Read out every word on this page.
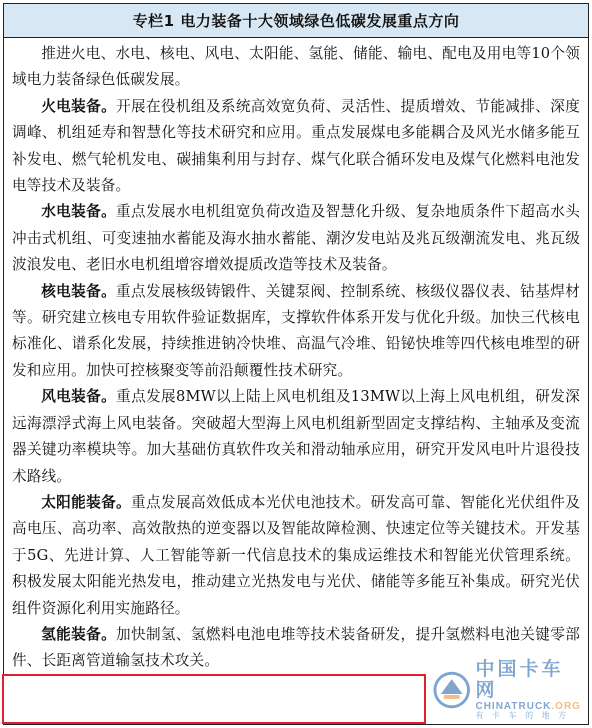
专栏1 电力装备十大领域绿色低碳发展重点方向

推进火电、水电、核电、风电、太阳能、氢能、储能、输电、配电及用电等10个领域电力装备绿色低碳发展。

火电装备。开展在役机组及系统高效宽负荷、灵活性、提质增效、节能减排、深度调峰、机组延寿和智慧化等技术研究和应用。重点发展煤电多能耦合及风光水储多能互补发电、燃气轮机发电、碳捕集利用与封存、煤气化联合循环发电及煤气化燃料电池发电等技术及装备。

水电装备。重点发展水电机组宽负荷改造及智慧化升级、复杂地质条件下超高水头冲击式机组、可变速抽水蓄能及海水抽水蓄能、潮汐发电站及兆瓦级潮流发电、兆瓦级波浪发电、老旧水电机组增容增效提质改造等技术及装备。

核电装备。重点发展核级铸锻件、关键泵阀、控制系统、核级仪器仪表、钴基焊材等。研究建立核电专用软件验证数据库，支撑软件体系开发与优化升级。加快三代核电标准化、谱系化发展，持续推进钠冷快堆、高温气冷堆、铅铋快堆等四代核电堆型的研发和应用。加快可控核聚变等前沿颠覆性技术研究。

风电装备。重点发展8MW以上陆上风电机组及13MW以上海上风电机组，研发深远海漂浮式海上风电装备。突破超大型海上风电机组新型固定支撑结构、主轴承及变流器关键功率模块等。加大基础仿真软件攻关和滑动轴承应用，研究开发风电叶片退役技术路线。

太阳能装备。重点发展高效低成本光伏电池技术。研发高可靠、智能化光伏组件及高电压、高功率、高效散热的逆变器以及智能故障检测、快速定位等关键技术。开发基于5G、先进计算、人工智能等新一代信息技术的集成运维技术和智能光伏管理系统。积极发展太阳能光热发电，推动建立光热发电与光伏、储能等多能互补集成。研究光伏组件资源化利用实施路径。

氢能装备。加快制氢、氢燃料电池电堆等技术装备研发，提升氢燃料电池关键零部件、长距离管道输氢技术攻关。	中国卡车网
CHINATRUCK.ORG
有 卡 车 的 地 方
